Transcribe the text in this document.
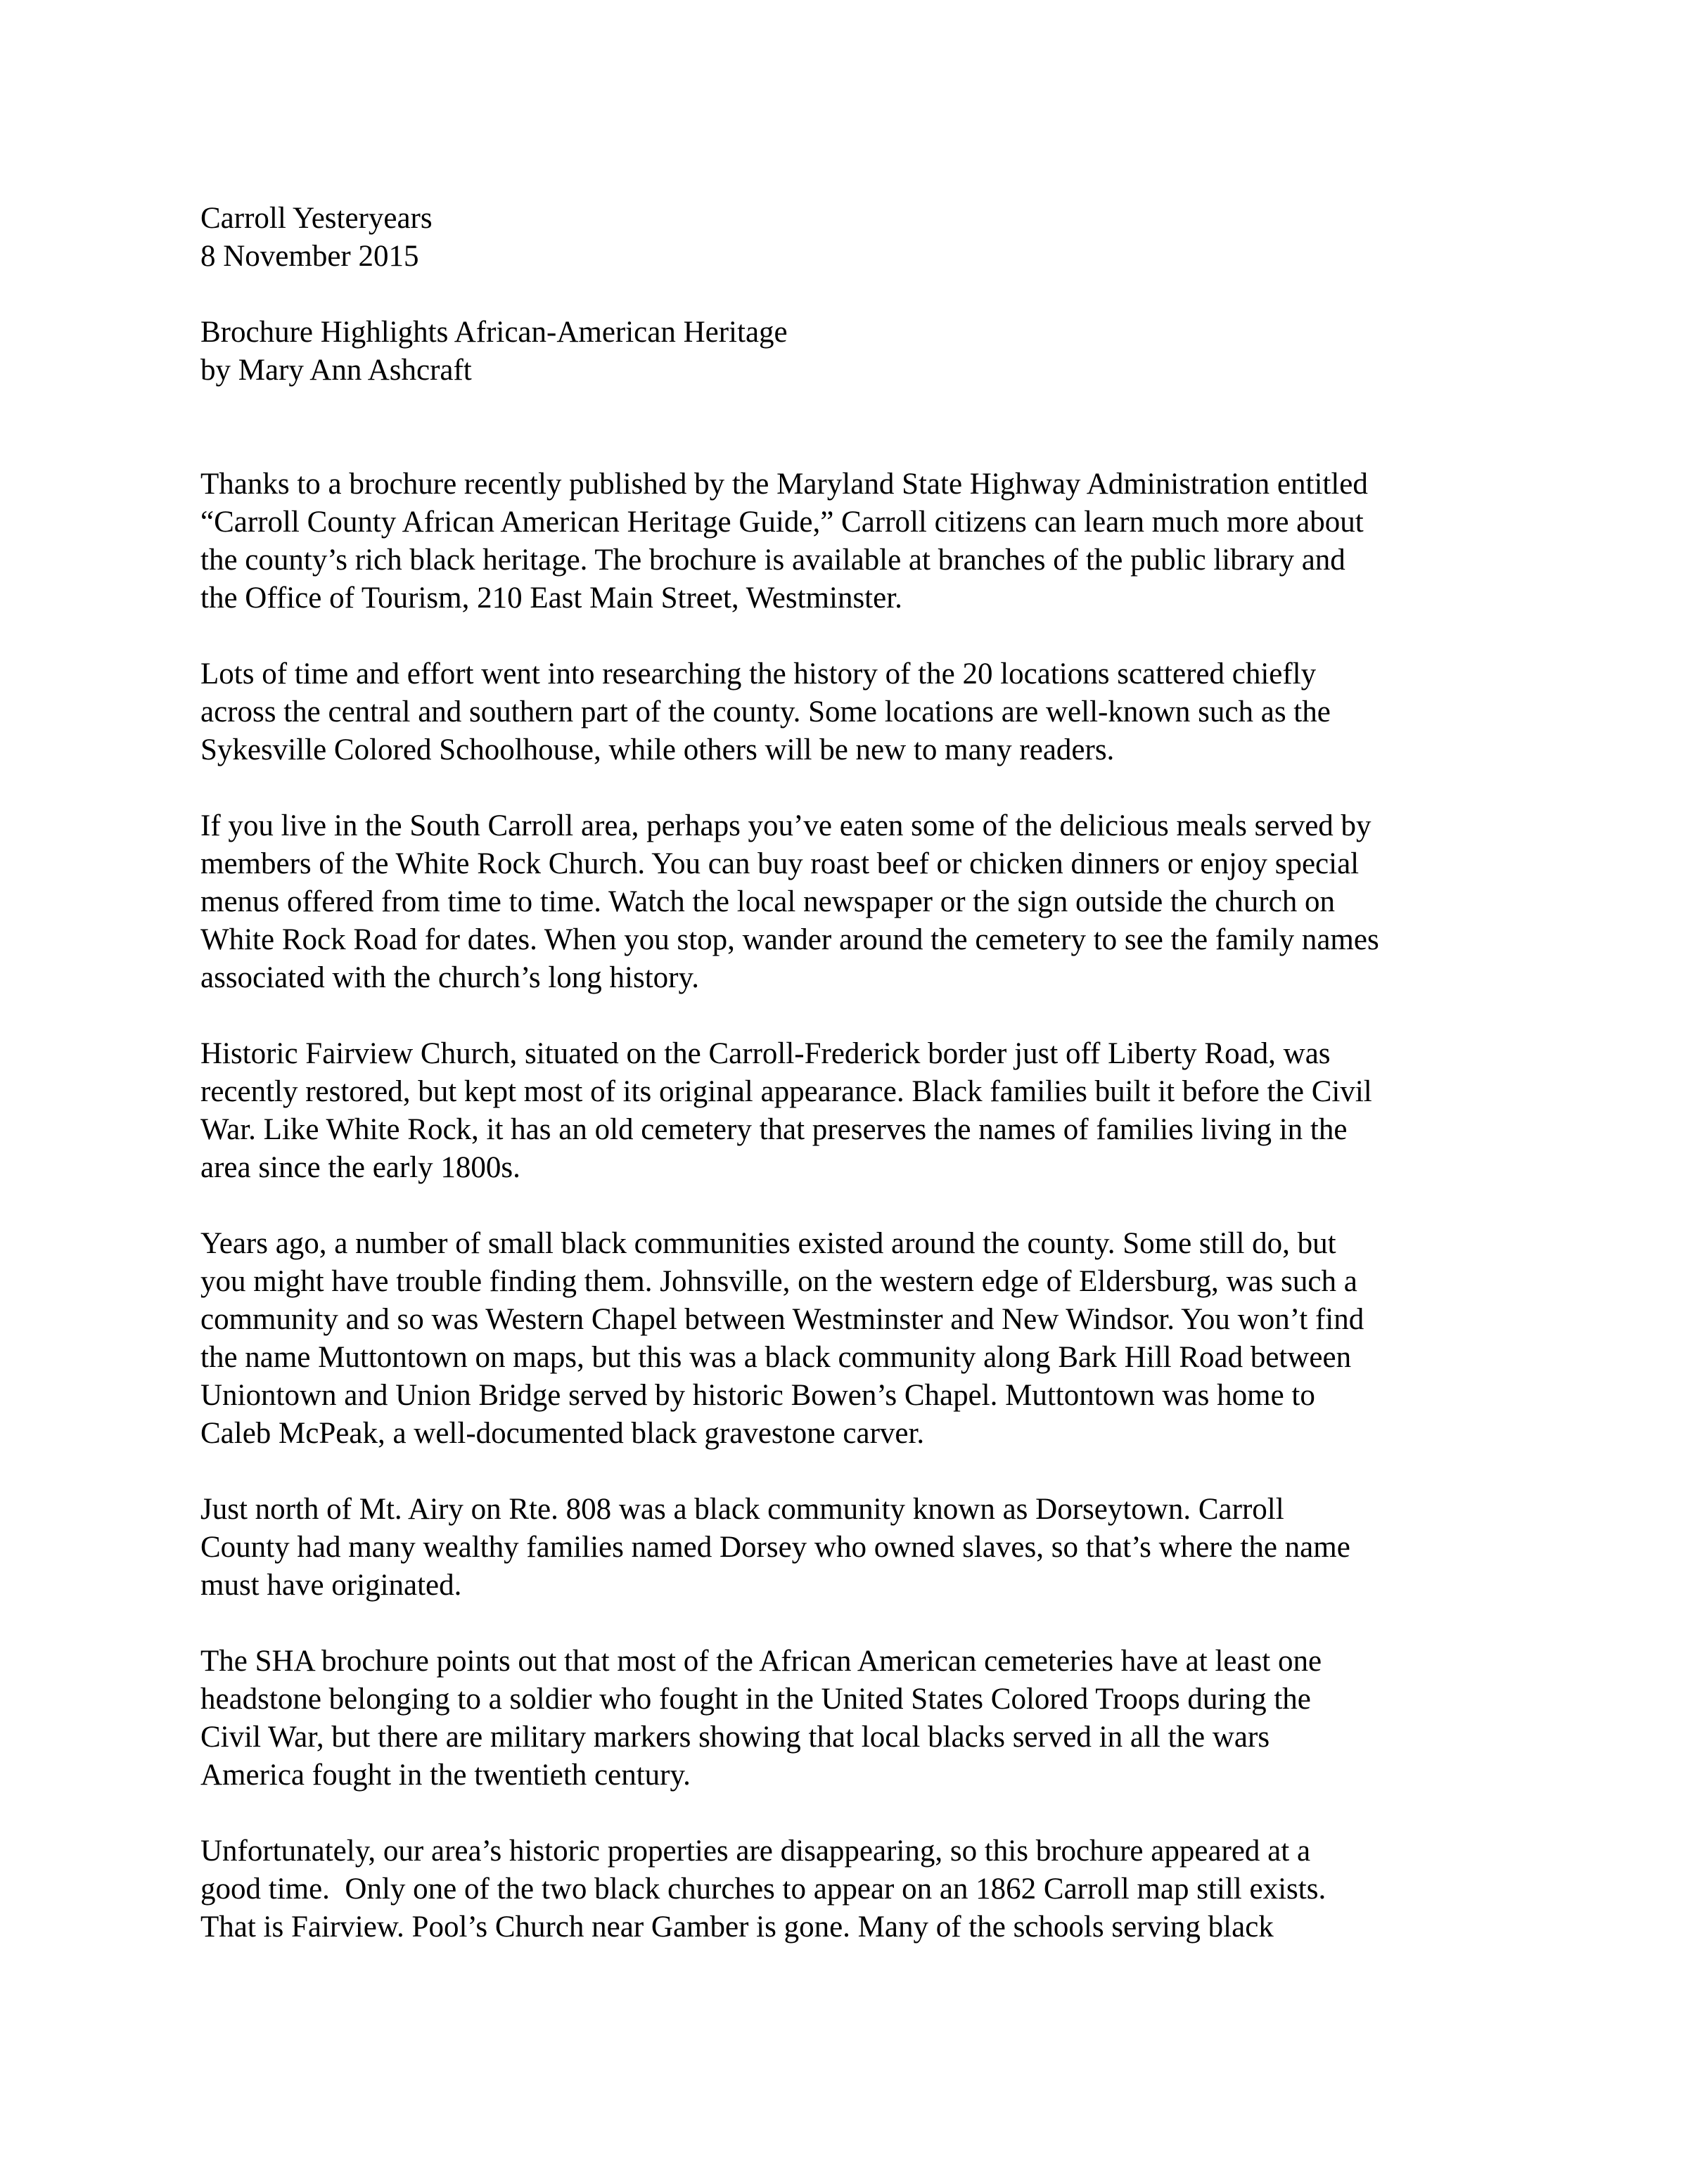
Carroll Yesteryears
8 November 2015
Brochure Highlights African-American Heritage
by Mary Ann Ashcraft
Thanks to a brochure recently published by the Maryland State Highway Administration entitled
“Carroll County African American Heritage Guide,” Carroll citizens can learn much more about
the county’s rich black heritage. The brochure is available at branches of the public library and
the Office of Tourism, 210 East Main Street, Westminster.
Lots of time and effort went into researching the history of the 20 locations scattered chiefly
across the central and southern part of the county. Some locations are well-known such as the
Sykesville Colored Schoolhouse, while others will be new to many readers.
If you live in the South Carroll area, perhaps you’ve eaten some of the delicious meals served by
members of the White Rock Church. You can buy roast beef or chicken dinners or enjoy special
menus offered from time to time. Watch the local newspaper or the sign outside the church on
White Rock Road for dates. When you stop, wander around the cemetery to see the family names
associated with the church’s long history.
Historic Fairview Church, situated on the Carroll-Frederick border just off Liberty Road, was
recently restored, but kept most of its original appearance. Black families built it before the Civil
War. Like White Rock, it has an old cemetery that preserves the names of families living in the
area since the early 1800s.
Years ago, a number of small black communities existed around the county. Some still do, but
you might have trouble finding them. Johnsville, on the western edge of Eldersburg, was such a
community and so was Western Chapel between Westminster and New Windsor. You won’t find
the name Muttontown on maps, but this was a black community along Bark Hill Road between
Uniontown and Union Bridge served by historic Bowen’s Chapel. Muttontown was home to
Caleb McPeak, a well-documented black gravestone carver.
Just north of Mt. Airy on Rte. 808 was a black community known as Dorseytown. Carroll
County had many wealthy families named Dorsey who owned slaves, so that’s where the name
must have originated.
The SHA brochure points out that most of the African American cemeteries have at least one
headstone belonging to a soldier who fought in the United States Colored Troops during the
Civil War, but there are military markers showing that local blacks served in all the wars
America fought in the twentieth century.
Unfortunately, our area’s historic properties are disappearing, so this brochure appeared at a
good time.  Only one of the two black churches to appear on an 1862 Carroll map still exists.
That is Fairview. Pool’s Church near Gamber is gone. Many of the schools serving black
